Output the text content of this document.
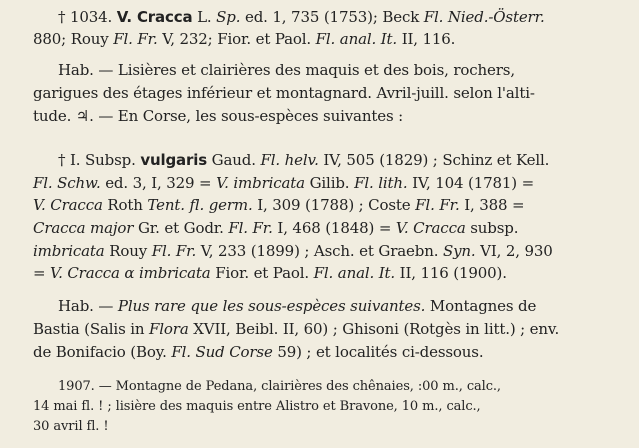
† 1034. V. Cracca L. Sp. ed. 1, 735 (1753); Beck Fl. Nied.-Österr.
880; Rouy Fl. Fr. V, 232; Fior. et Paol. Fl. anal. It. II, 116.
Hab. — Lisières et clairières des maquis et des bois, rochers,
garigues des étages inférieur et montagnard. Avril-juill. selon l'alti-
tude. ♃. — En Corse, les sous-espèces suivantes :
† I. Subsp. vulgaris Gaud. Fl. helv. IV, 505 (1829) ; Schinz et Kell.
Fl. Schw. ed. 3, I, 329 = V. imbricata Gilib. Fl. lith. IV, 104 (1781) =
V. Cracca Roth Tent. fl. germ. I, 309 (1788) ; Coste Fl. Fr. I, 388 =
Cracca major Gr. et Godr. Fl. Fr. I, 468 (1848) = V. Cracca subsp.
imbricata Rouy Fl. Fr. V, 233 (1899) ; Asch. et Graebn. Syn. VI, 2, 930
= V. Cracca α imbricata Fior. et Paol. Fl. anal. It. II, 116 (1900).
Hab. — Plus rare que les sous-espèces suivantes. Montagnes de
Bastia (Salis in Flora XVII, Beibl. II, 60) ; Ghisoni (Rotgès in litt.) ; env.
de Bonifacio (Boy. Fl. Sud Corse 59) ; et localités ci-dessous.
1907. — Montagne de Pedana, clairières des chênaies, :00 m., calc.,
14 mai fl. ! ; lisière des maquis entre Alistro et Bravone, 10 m., calc.,
30 avril fl. !
